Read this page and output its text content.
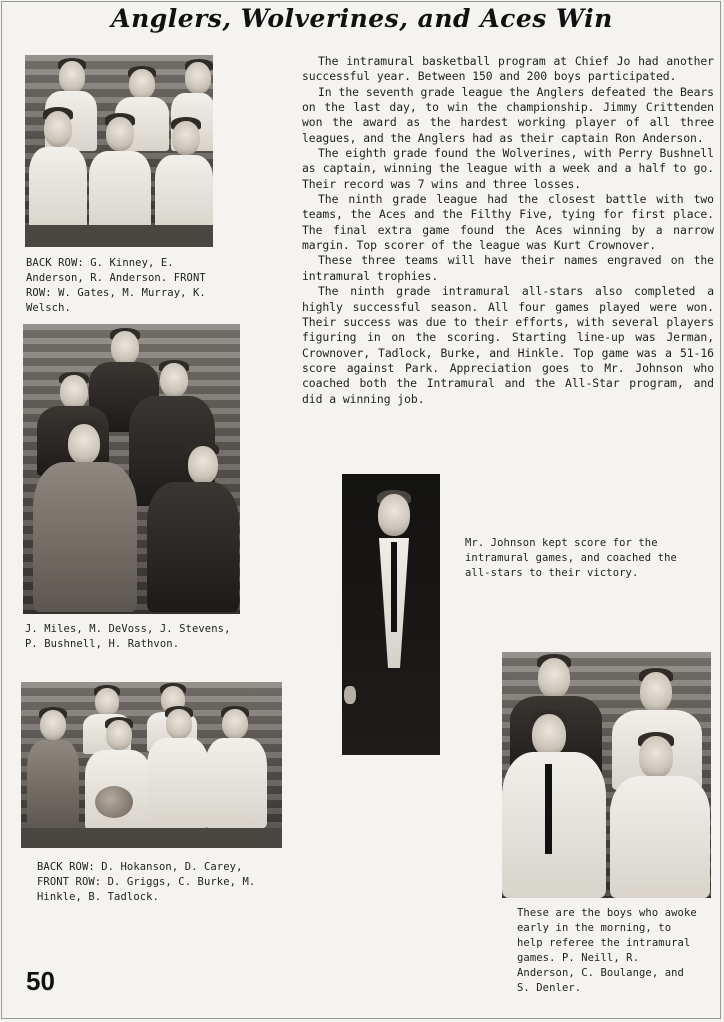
Anglers, Wolverines, and Aces Win
BACK ROW: G. Kinney, E. Anderson, R. Anderson. FRONT ROW: W. Gates, M. Murray, K. Welsch.
J. Miles, M. DeVoss, J. Stevens, P. Bushnell, H. Rathvon.
BACK ROW: D. Hokanson, D. Carey, FRONT ROW: D. Griggs, C. Burke, M. Hinkle, B. Tadlock.
Mr. Johnson kept score for the intramural games, and coached the all-stars to their victory.
These are the boys who awoke early in the morning, to help referee the intramural games. P. Neill, R. Anderson, C. Boulange, and S. Denler.

The intramural basketball program at Chief Jo had another successful year. Between 150 and 200 boys participated.

In the seventh grade league the Anglers defeated the Bears on the last day, to win the championship. Jimmy Crittenden won the award as the hardest working player of all three leagues, and the Anglers had as their captain Ron Anderson.

The eighth grade found the Wolverines, with Perry Bushnell as captain, winning the league with a week and a half to go. Their record was 7 wins and three losses.

The ninth grade league had the closest battle with two teams, the Aces and the Filthy Five, tying for first place. The final extra game found the Aces winning by a narrow margin. Top scorer of the league was Kurt Crownover.

These three teams will have their names engraved on the intramural trophies.

The ninth grade intramural all-stars also completed a highly successful season. All four games played were won. Their success was due to their efforts, with several players figuring in on the scoring. Starting line-up was Jerman, Crownover, Tadlock, Burke, and Hinkle. Top game was a 51-16 score against Park. Appreciation goes to Mr. Johnson who coached both the Intramural and the All-Star program, and did a winning job.

50
